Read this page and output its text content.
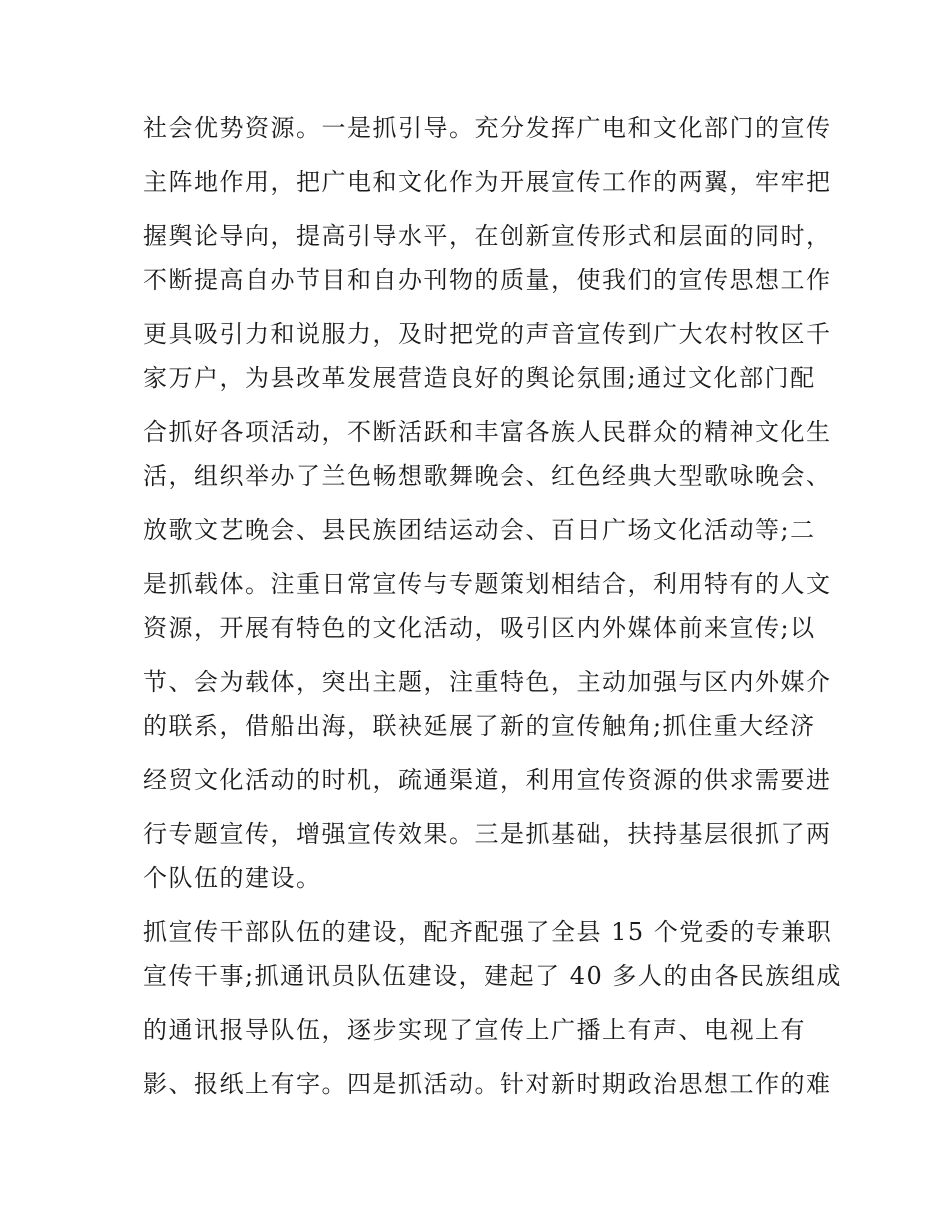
社会优势资源。一是抓引导。充分发挥广电和文化部门的宣传
主阵地作用，把广电和文化作为开展宣传工作的两翼，牢牢把
握舆论导向，提高引导水平，在创新宣传形式和层面的同时，
不断提高自办节目和自办刊物的质量，使我们的宣传思想工作
更具吸引力和说服力，及时把党的声音宣传到广大农村牧区千
家万户，为县改革发展营造良好的舆论氛围;通过文化部门配
合抓好各项活动，不断活跃和丰富各族人民群众的精神文化生
活，组织举办了兰色畅想歌舞晚会、红色经典大型歌咏晚会、
放歌文艺晚会、县民族团结运动会、百日广场文化活动等;二
是抓载体。注重日常宣传与专题策划相结合，利用特有的人文
资源，开展有特色的文化活动，吸引区内外媒体前来宣传;以
节、会为载体，突出主题，注重特色，主动加强与区内外媒介
的联系，借船出海，联袂延展了新的宣传触角;抓住重大经济
经贸文化活动的时机，疏通渠道，利用宣传资源的供求需要进
行专题宣传，增强宣传效果。三是抓基础，扶持基层很抓了两
个队伍的建设。
抓宣传干部队伍的建设，配齐配强了全县 15 个党委的专兼职
宣传干事;抓通讯员队伍建设，建起了 40 多人的由各民族组成
的通讯报导队伍，逐步实现了宣传上广播上有声、电视上有
影、报纸上有字。四是抓活动。针对新时期政治思想工作的难
